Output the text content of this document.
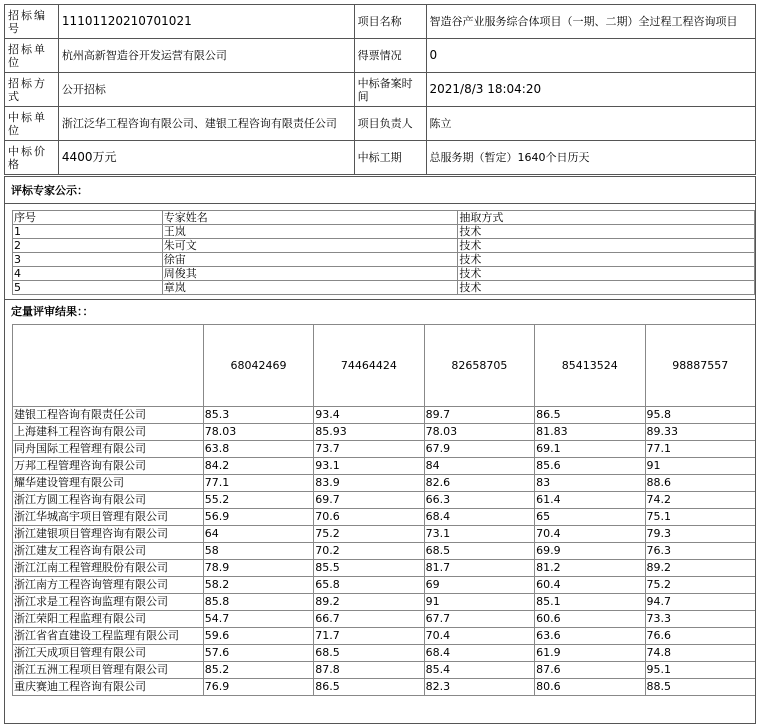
招标编号	11101120210701021	项目名称	智造谷产业服务综合体项目（一期、二期）全过程工程咨询项目
招标单位	杭州高新智造谷开发运营有限公司	得票情况	0
招标方式	公开招标	中标备案时间	2021/8/3 18:04:20
中标单位	浙江泛华工程咨询有限公司、建银工程咨询有限责任公司	项目负责人	陈立
中标价格	4400万元	中标工期	总服务期（暂定）1640个日历天
评标专家公示：
序号	专家姓名	抽取方式
1	王岚	技术
2	朱可文	技术
3	徐宙	技术
4	周俊其	技术
5	章岚	技术
定量评审结果：：
	68042469	74464424	82658705	85413524	98887557
建银工程咨询有限责任公司	85.3	93.4	89.7	86.5	95.8
上海建科工程咨询有限公司	78.03	85.93	78.03	81.83	89.33
同舟国际工程管理有限公司	63.8	73.7	67.9	69.1	77.1
万邦工程管理咨询有限公司	84.2	93.1	84	85.6	91
耀华建设管理有限公司	77.1	83.9	82.6	83	88.6
浙江方圆工程咨询有限公司	55.2	69.7	66.3	61.4	74.2
浙江华城高宇项目管理有限公司	56.9	70.6	68.4	65	75.1
浙江建银项目管理咨询有限公司	64	75.2	73.1	70.4	79.3
浙江建友工程咨询有限公司	58	70.2	68.5	69.9	76.3
浙江江南工程管理股份有限公司	78.9	85.5	81.7	81.2	89.2
浙江南方工程咨询管理有限公司	58.2	65.8	69	60.4	75.2
浙江求是工程咨询监理有限公司	85.8	89.2	91	85.1	94.7
浙江荣阳工程监理有限公司	54.7	66.7	67.7	60.6	73.3
浙江省省直建设工程监理有限公司	59.6	71.7	70.4	63.6	76.6
浙江天成项目管理有限公司	57.6	68.5	68.4	61.9	74.8
浙江五洲工程项目管理有限公司	85.2	87.8	85.4	87.6	95.1
重庆赛迪工程咨询有限公司	76.9	86.5	82.3	80.6	88.5
